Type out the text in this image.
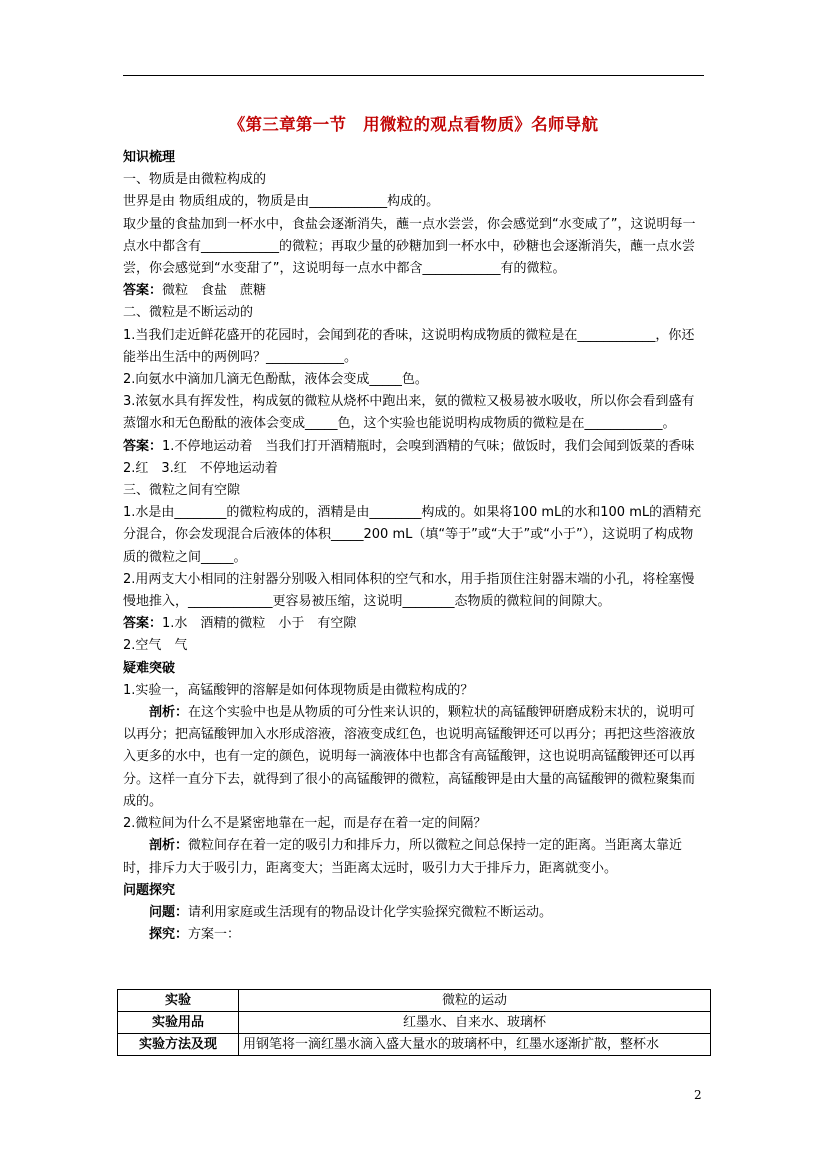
《第三章第一节　用微粒的观点看物质》名师导航

知识梳理

一、物质是由微粒构成的

世界是由 物质组成的，物质是由____________构成的。

取少量的食盐加到一杯水中，食盐会逐渐消失，蘸一点水尝尝，你会感觉到“水变咸了”，这说明每一点水中都含有____________的微粒；再取少量的砂糖加到一杯水中，砂糖也会逐渐消失，蘸一点水尝尝，你会感觉到“水变甜了”，这说明每一点水中都含____________有的微粒。

答案：微粒　食盐　蔗糖

二、微粒是不断运动的

1.当我们走近鲜花盛开的花园时，会闻到花的香味，这说明构成物质的微粒是在____________，你还能举出生活中的两例吗？____________。

2.向氨水中滴加几滴无色酚酞，液体会变成_____色。

3.浓氨水具有挥发性，构成氨的微粒从烧杯中跑出来，氨的微粒又极易被水吸收，所以你会看到盛有蒸馏水和无色酚酞的液体会变成_____色，这个实验也能说明构成物质的微粒是在____________。

答案：1.不停地运动着　当我们打开酒精瓶时，会嗅到酒精的气味；做饭时，我们会闻到饭菜的香味　2.红　3.红　不停地运动着

三、微粒之间有空隙

1.水是由________的微粒构成的，酒精是由________构成的。如果将100 mL的水和100 mL的酒精充分混合，你会发现混合后液体的体积_____200 mL（填“等于”或“大于”或“小于”），这说明了构成物质的微粒之间_____。

2.用两支大小相同的注射器分别吸入相同体积的空气和水，用手指顶住注射器末端的小孔，将栓塞慢慢地推入，_____________更容易被压缩，这说明________态物质的微粒间的间隙大。

答案：1.水　酒精的微粒　小于　有空隙

2.空气　气

疑难突破

1.实验一，高锰酸钾的溶解是如何体现物质是由微粒构成的？

剖析：在这个实验中也是从物质的可分性来认识的，颗粒状的高锰酸钾研磨成粉末状的，说明可以再分；把高锰酸钾加入水形成溶液，溶液变成红色，也说明高锰酸钾还可以再分；再把这些溶液放入更多的水中，也有一定的颜色，说明每一滴液体中也都含有高锰酸钾，这也说明高锰酸钾还可以再分。这样一直分下去，就得到了很小的高锰酸钾的微粒，高锰酸钾是由大量的高锰酸钾的微粒聚集而成的。

2.微粒间为什么不是紧密地靠在一起，而是存在着一定的间隔？

剖析：微粒间存在着一定的吸引力和排斥力，所以微粒之间总保持一定的距离。当距离太靠近时，排斥力大于吸引力，距离变大；当距离太远时，吸引力大于排斥力，距离就变小。

问题探究

问题：请利用家庭或生活现有的物品设计化学实验探究微粒不断运动。

探究：方案一：

实验	微粒的运动
实验用品	红墨水、自来水、玻璃杯
实验方法及现	用钢笔将一滴红墨水滴入盛大量水的玻璃杯中，红墨水逐渐扩散，整杯水
2
